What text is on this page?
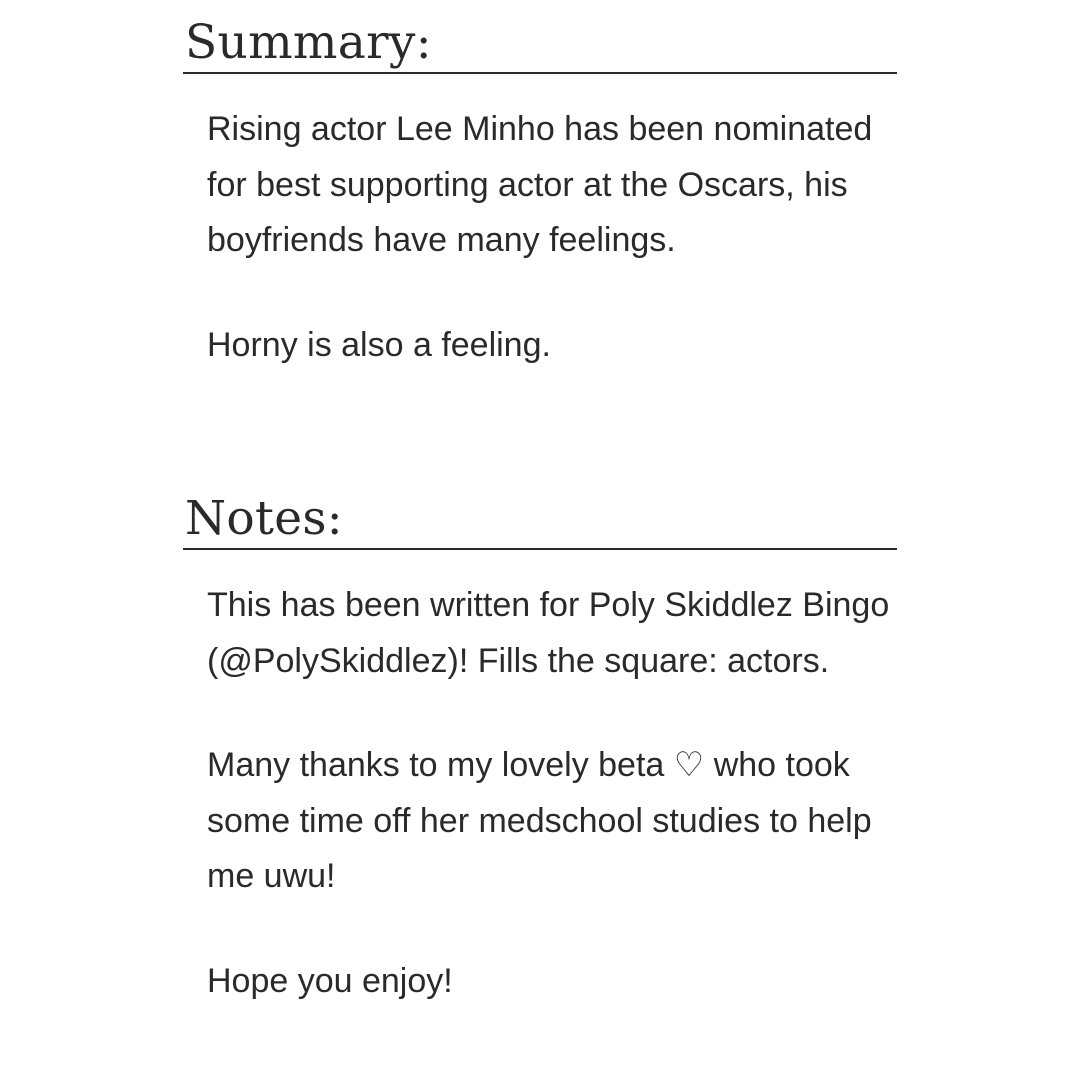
Summary:

Rising actor Lee Minho has been nominated for best supporting actor at the Oscars, his boyfriends have many feelings.

Horny is also a feeling.

Notes:

This has been written for Poly Skiddlez Bingo (@PolySkiddlez)! Fills the square: actors.

Many thanks to my lovely beta ♡ who took some time off her medschool studies to help me uwu!

Hope you enjoy!
